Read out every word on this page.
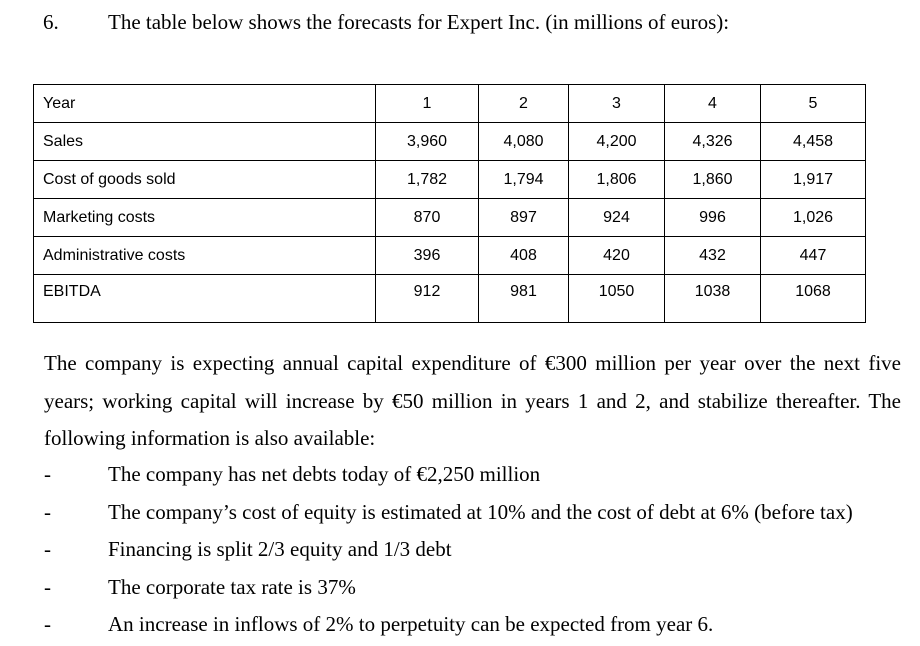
6. The table below shows the forecasts for Expert Inc. (in millions of euros):
Year	1	2	3	4	5
Sales	3,960	4,080	4,200	4,326	4,458
Cost of goods sold	1,782	1,794	1,806	1,860	1,917
Marketing costs	870	897	924	996	1,026
Administrative costs	396	408	420	432	447
EBITDA	912	981	1050	1038	1068

The company is expecting annual capital expenditure of €300 million per year over the next five years; working capital will increase by €50 million in years 1 and 2, and stabilize thereafter. The following information is also available:

-	The company has net debts today of €2,250 million
-	The company’s cost of equity is estimated at 10% and the cost of debt at 6% (before tax)
-	Financing is split 2/3 equity and 1/3 debt
-	The corporate tax rate is 37%
-	An increase in inflows of 2% to perpetuity can be expected from year 6.
